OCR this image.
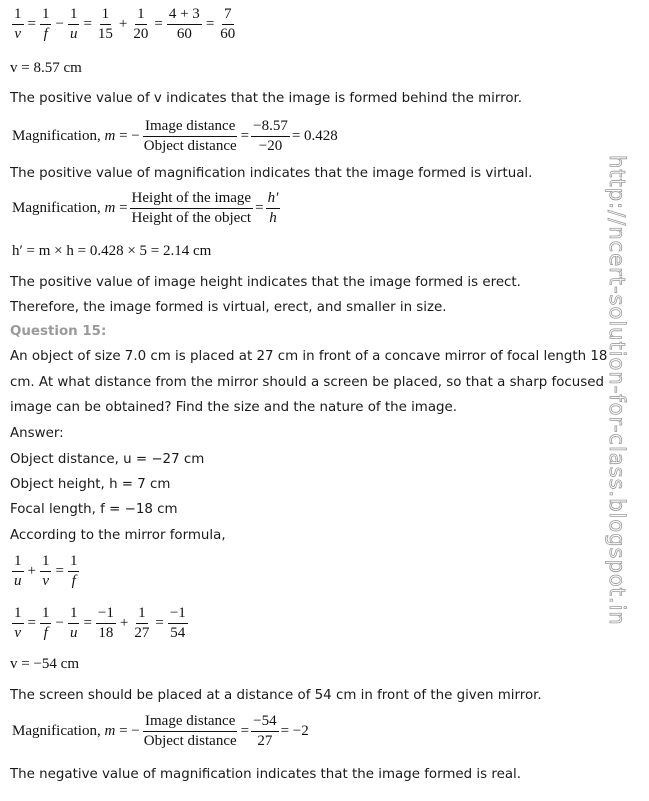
$\frac{1}{v} = \frac{1}{f} - \frac{1}{u} = \frac{1}{15} + \frac{1}{20} = \frac{4 + 3}{60} = \frac{7}{60}$
v = 8.57 cm
The positive value of v indicates that the image is formed behind the mirror.
Magnification,
m
= − $\frac{\text{Image distance}}{\text{Object distance}} = \frac{-8.57}{-20} = 0.428$
The positive value of magnification indicates that the image formed is virtual.
Magnification,
m
= $\frac{\text{Height of the image}}{\text{Height of the object}} = \frac{h'}{h}$
h′ = m × h = 0.428 × 5 = 2.14 cm
The positive value of image height indicates that the image formed is erect.
Therefore, the image formed is virtual, erect, and smaller in size.
Question 15:
An object of size 7.0 cm is placed at 27 cm in front of a concave mirror of focal length 18
cm. At what distance from the mirror should a screen be placed, so that a sharp focused
image can be obtained? Find the size and the nature of the image.
Answer:
Object distance, u = −27 cm
Object height, h = 7 cm
Focal length, f = −18 cm
According to the mirror formula,
$\frac{1}{u} + \frac{1}{v} = \frac{1}{f}$
$\frac{1}{v} = \frac{1}{f} - \frac{1}{u} = \frac{-1}{18} + \frac{1}{27} = \frac{-1}{54}$
v = −54 cm
The screen should be placed at a distance of 54 cm in front of the given mirror.
Magnification,
m
= − $\frac{\text{Image distance}}{\text{Object distance}} = \frac{-54}{27} = -2$
The negative value of magnification indicates that the image formed is real.
http://ncert-solution-for-class.blogspot.in
